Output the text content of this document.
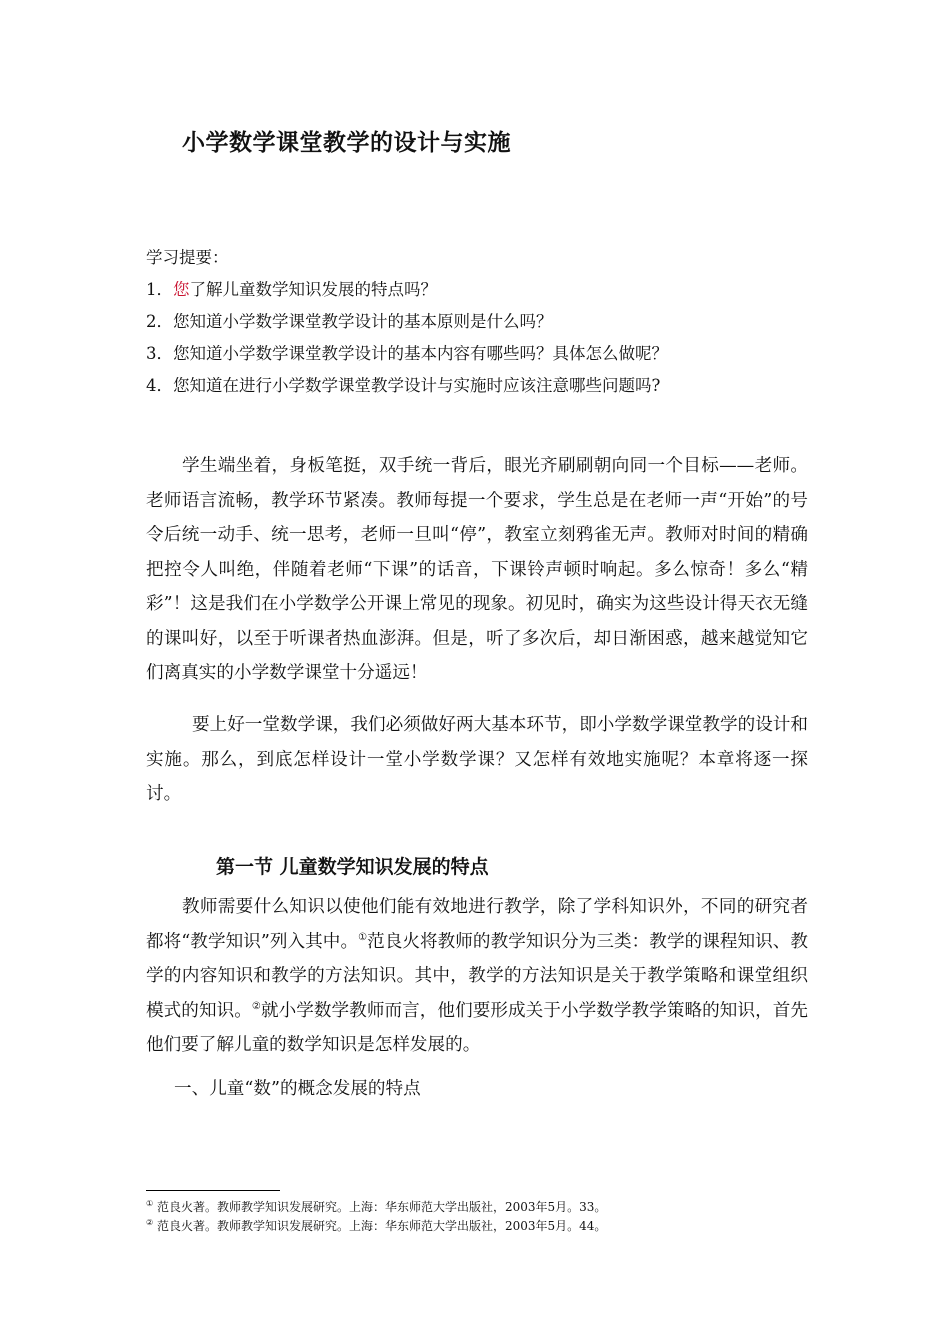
小学数学课堂教学的设计与实施
学习提要：
1．您了解儿童数学知识发展的特点吗？
2．您知道小学数学课堂教学设计的基本原则是什么吗？
3．您知道小学数学课堂教学设计的基本内容有哪些吗？具体怎么做呢？
4．您知道在进行小学数学课堂教学设计与实施时应该注意哪些问题吗?

学生端坐着，身板笔挺，双手统一背后，眼光齐刷刷朝向同一个目标——老师。老师语言流畅，教学环节紧凑。教师每提一个要求，学生总是在老师一声“开始”的号令后统一动手、统一思考，老师一旦叫“停”，教室立刻鸦雀无声。教师对时间的精确把控令人叫绝，伴随着老师“下课”的话音，下课铃声顿时响起。多么惊奇！多么“精彩”！这是我们在小学数学公开课上常见的现象。初见时，确实为这些设计得天衣无缝的课叫好，以至于听课者热血澎湃。但是，听了多次后，却日渐困惑，越来越觉知它们离真实的小学数学课堂十分遥远！

要上好一堂数学课，我们必须做好两大基本环节，即小学数学课堂教学的设计和实施。那么，到底怎样设计一堂小学数学课？又怎样有效地实施呢？本章将逐一探讨。

第一节 儿童数学知识发展的特点

教师需要什么知识以使他们能有效地进行教学，除了学科知识外，不同的研究者都将“教学知识”列入其中。①范良火将教师的教学知识分为三类：教学的课程知识、教学的内容知识和教学的方法知识。其中，教学的方法知识是关于教学策略和课堂组织模式的知识。②就小学数学教师而言，他们要形成关于小学数学教学策略的知识，首先他们要了解儿童的数学知识是怎样发展的。

一、儿童“数”的概念发展的特点
① 范良火著。教师教学知识发展研究。上海：华东师范大学出版社，2003年5月。33。
② 范良火著。教师教学知识发展研究。上海：华东师范大学出版社，2003年5月。44。
